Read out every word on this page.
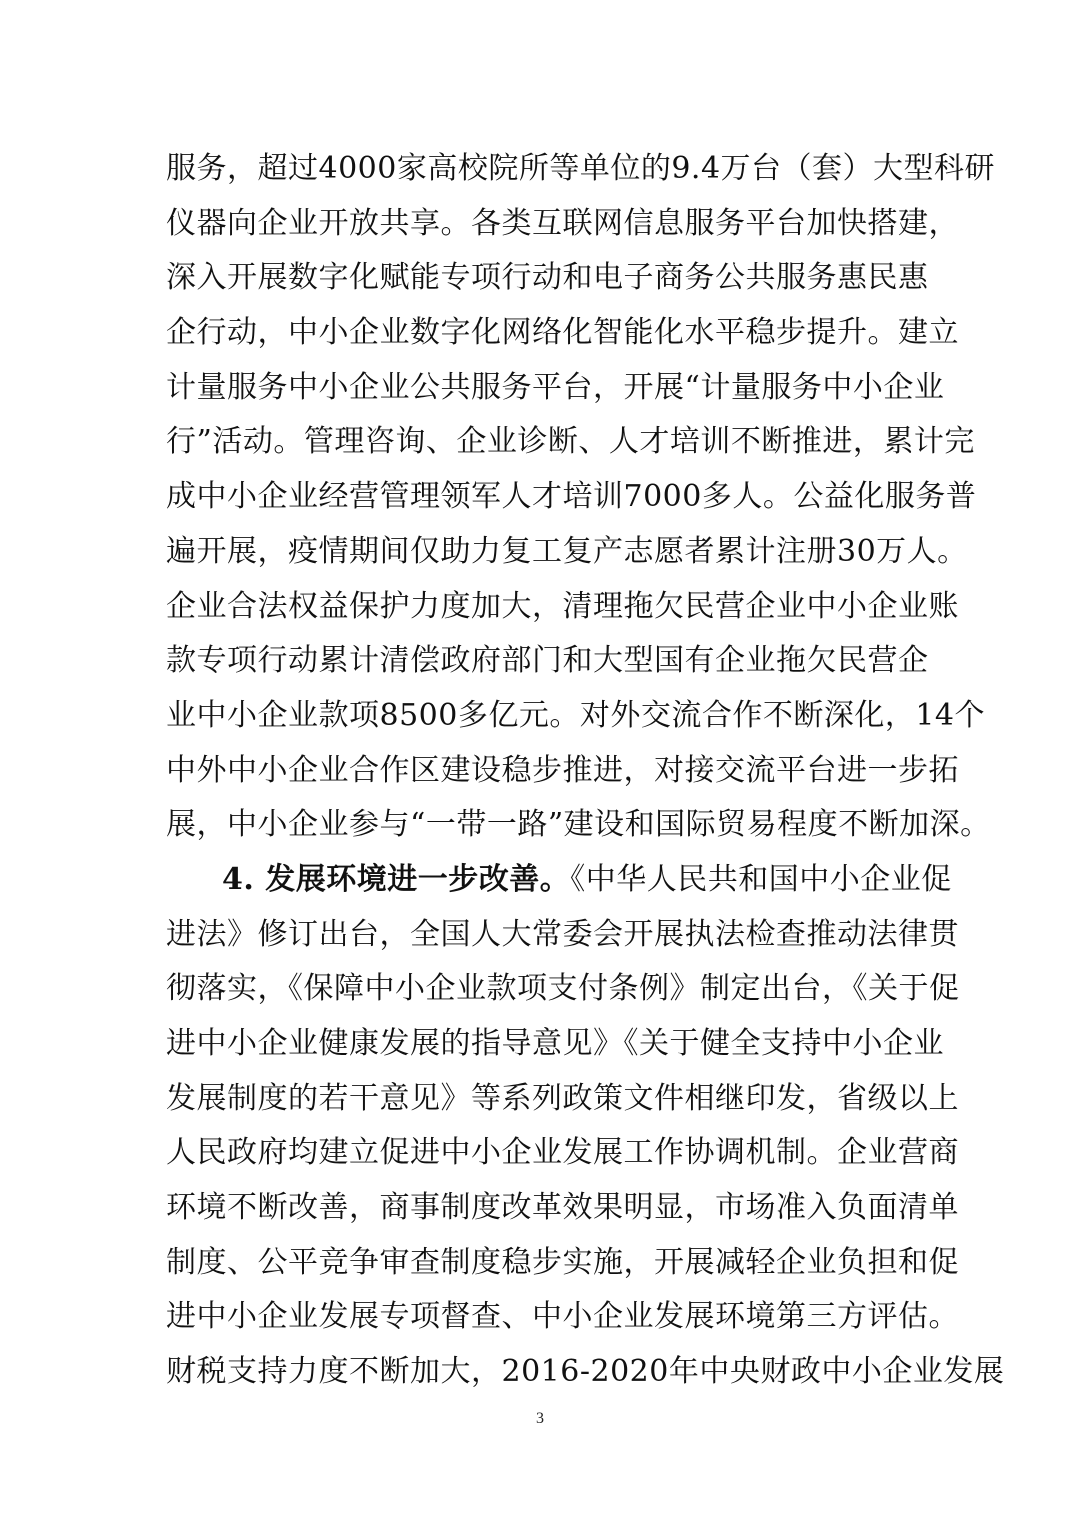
服务，超过4000家高校院所等单位的9.4万台（套）大型科研
仪器向企业开放共享。各类互联网信息服务平台加快搭建，
深入开展数字化赋能专项行动和电子商务公共服务惠民惠
企行动，中小企业数字化网络化智能化水平稳步提升。建立
计量服务中小企业公共服务平台，开展“计量服务中小企业
行”活动。管理咨询、企业诊断、人才培训不断推进，累计完
成中小企业经营管理领军人才培训7000多人。公益化服务普
遍开展，疫情期间仅助力复工复产志愿者累计注册30万人。
企业合法权益保护力度加大，清理拖欠民营企业中小企业账
款专项行动累计清偿政府部门和大型国有企业拖欠民营企
业中小企业款项8500多亿元。对外交流合作不断深化，14个
中外中小企业合作区建设稳步推进，对接交流平台进一步拓
展，中小企业参与“一带一路”建设和国际贸易程度不断加深。
4. 发展环境进一步改善。《中华人民共和国中小企业促
进法》修订出台，全国人大常委会开展执法检查推动法律贯
彻落实，《保障中小企业款项支付条例》制定出台，《关于促
进中小企业健康发展的指导意见》《关于健全支持中小企业
发展制度的若干意见》等系列政策文件相继印发，省级以上
人民政府均建立促进中小企业发展工作协调机制。企业营商
环境不断改善，商事制度改革效果明显，市场准入负面清单
制度、公平竞争审查制度稳步实施，开展减轻企业负担和促
进中小企业发展专项督查、中小企业发展环境第三方评估。
财税支持力度不断加大，2016-2020年中央财政中小企业发展
3
